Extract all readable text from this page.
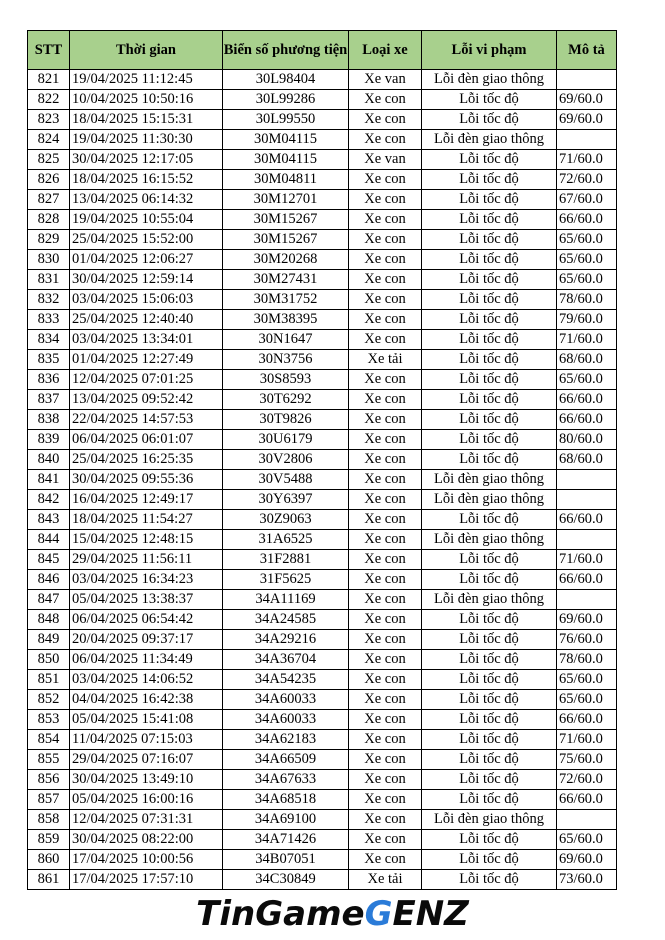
STT	Thời gian	Biển số phương tiện	Loại xe	Lỗi vi phạm	Mô tả
821	19/04/2025 11:12:45	30L98404	Xe van	Lỗi đèn giao thông	
822	10/04/2025 10:50:16	30L99286	Xe con	Lỗi tốc độ	69/60.0
823	18/04/2025 15:15:31	30L99550	Xe con	Lỗi tốc độ	69/60.0
824	19/04/2025 11:30:30	30M04115	Xe con	Lỗi đèn giao thông	
825	30/04/2025 12:17:05	30M04115	Xe van	Lỗi tốc độ	71/60.0
826	18/04/2025 16:15:52	30M04811	Xe con	Lỗi tốc độ	72/60.0
827	13/04/2025 06:14:32	30M12701	Xe con	Lỗi tốc độ	67/60.0
828	19/04/2025 10:55:04	30M15267	Xe con	Lỗi tốc độ	66/60.0
829	25/04/2025 15:52:00	30M15267	Xe con	Lỗi tốc độ	65/60.0
830	01/04/2025 12:06:27	30M20268	Xe con	Lỗi tốc độ	65/60.0
831	30/04/2025 12:59:14	30M27431	Xe con	Lỗi tốc độ	65/60.0
832	03/04/2025 15:06:03	30M31752	Xe con	Lỗi tốc độ	78/60.0
833	25/04/2025 12:40:40	30M38395	Xe con	Lỗi tốc độ	79/60.0
834	03/04/2025 13:34:01	30N1647	Xe con	Lỗi tốc độ	71/60.0
835	01/04/2025 12:27:49	30N3756	Xe tải	Lỗi tốc độ	68/60.0
836	12/04/2025 07:01:25	30S8593	Xe con	Lỗi tốc độ	65/60.0
837	13/04/2025 09:52:42	30T6292	Xe con	Lỗi tốc độ	66/60.0
838	22/04/2025 14:57:53	30T9826	Xe con	Lỗi tốc độ	66/60.0
839	06/04/2025 06:01:07	30U6179	Xe con	Lỗi tốc độ	80/60.0
840	25/04/2025 16:25:35	30V2806	Xe con	Lỗi tốc độ	68/60.0
841	30/04/2025 09:55:36	30V5488	Xe con	Lỗi đèn giao thông	
842	16/04/2025 12:49:17	30Y6397	Xe con	Lỗi đèn giao thông	
843	18/04/2025 11:54:27	30Z9063	Xe con	Lỗi tốc độ	66/60.0
844	15/04/2025 12:48:15	31A6525	Xe con	Lỗi đèn giao thông	
845	29/04/2025 11:56:11	31F2881	Xe con	Lỗi tốc độ	71/60.0
846	03/04/2025 16:34:23	31F5625	Xe con	Lỗi tốc độ	66/60.0
847	05/04/2025 13:38:37	34A11169	Xe con	Lỗi đèn giao thông	
848	06/04/2025 06:54:42	34A24585	Xe con	Lỗi tốc độ	69/60.0
849	20/04/2025 09:37:17	34A29216	Xe con	Lỗi tốc độ	76/60.0
850	06/04/2025 11:34:49	34A36704	Xe con	Lỗi tốc độ	78/60.0
851	03/04/2025 14:06:52	34A54235	Xe con	Lỗi tốc độ	65/60.0
852	04/04/2025 16:42:38	34A60033	Xe con	Lỗi tốc độ	65/60.0
853	05/04/2025 15:41:08	34A60033	Xe con	Lỗi tốc độ	66/60.0
854	11/04/2025 07:15:03	34A62183	Xe con	Lỗi tốc độ	71/60.0
855	29/04/2025 07:16:07	34A66509	Xe con	Lỗi tốc độ	75/60.0
856	30/04/2025 13:49:10	34A67633	Xe con	Lỗi tốc độ	72/60.0
857	05/04/2025 16:00:16	34A68518	Xe con	Lỗi tốc độ	66/60.0
858	12/04/2025 07:31:31	34A69100	Xe con	Lỗi đèn giao thông	
859	30/04/2025 08:22:00	34A71426	Xe con	Lỗi tốc độ	65/60.0
860	17/04/2025 10:00:56	34B07051	Xe con	Lỗi tốc độ	69/60.0
861	17/04/2025 17:57:10	34C30849	Xe tải	Lỗi tốc độ	73/60.0
TinGameGENZ
